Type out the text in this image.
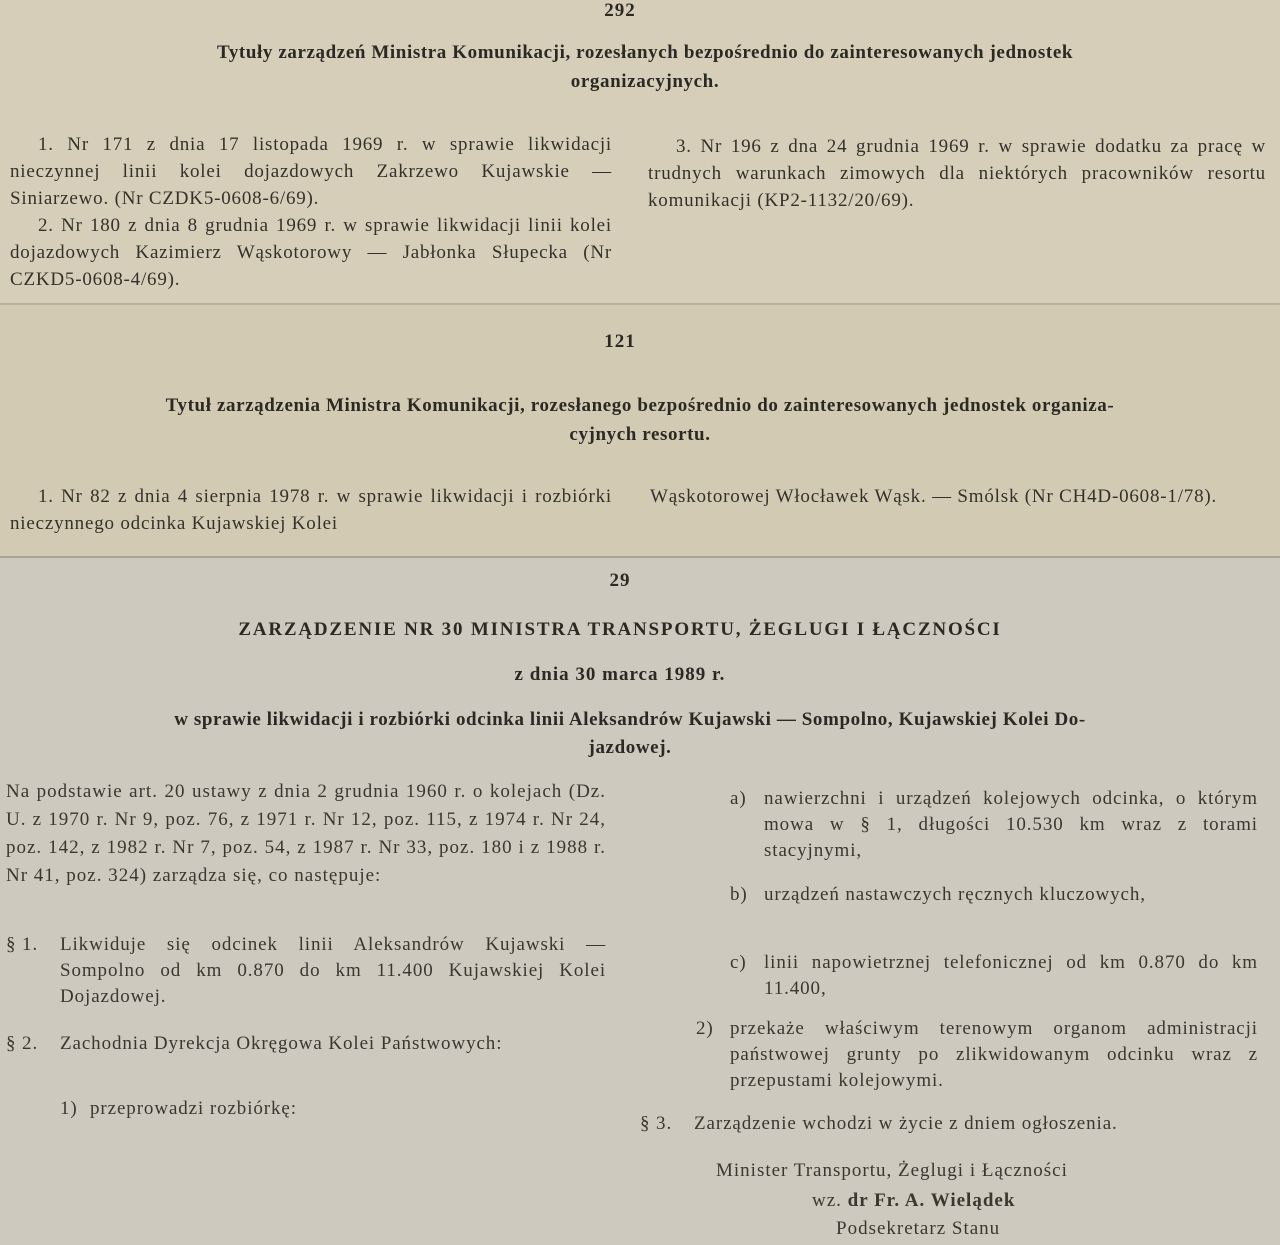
292
Tytuły zarządzeń Ministra Komunikacji, rozesłanych bezpośrednio do zainteresowanych jednostek
organizacyjnych.

1. Nr 171 z dnia 17 listopada 1969 r. w sprawie likwidacji nieczynnej linii kolei dojazdowych Zakrzewo Kujawskie — Siniarzewo. (Nr CZDK5-0608-6/69).

2. Nr 180 z dnia 8 grudnia 1969 r. w sprawie likwidacji linii kolei dojazdowych Kazimierz Wąskotorowy — Jabłonka Słupecka (Nr CZKD5-0608-4/69).

3. Nr 196 z dna 24 grudnia 1969 r. w sprawie dodatku za pracę w trudnych warunkach zimowych dla niektórych pracowników resortu komunikacji (KP2-1132/20/69).

121
Tytuł zarządzenia Ministra Komunikacji, rozesłanego bezpośrednio do zainteresowanych jednostek organiza-
cyjnych resortu.

1. Nr 82 z dnia 4 sierpnia 1978 r. w sprawie likwidacji i rozbiórki nieczynnego odcinka Kujawskiej Kolei

Wąskotorowej Włocławek Wąsk. — Smólsk (Nr CH4D-0608-1/78).

29
ZARZĄDZENIE NR 30 MINISTRA TRANSPORTU, ŻEGLUGI I ŁĄCZNOŚCI
z dnia 30 marca 1989 r.
w sprawie likwidacji i rozbiórki odcinka linii Aleksandrów Kujawski — Sompolno, Kujawskiej Kolei Do-
jazdowej.

Na podstawie art. 20 ustawy z dnia 2 grudnia 1960 r. o kolejach (Dz. U. z 1970 r. Nr 9, poz. 76, z 1971 r. Nr 12, poz. 115, z 1974 r. Nr 24, poz. 142, z 1982 r. Nr 7, poz. 54, z 1987 r. Nr 33, poz. 180 i z 1988 r. Nr 41, poz. 324) zarządza się, co następuje:

§ 1. Likwiduje się odcinek linii Aleksandrów Kujawski — Sompolno od km 0.870 do km 11.400 Kujawskiej Kolei Dojazdowej.
§ 2. Zachodnia Dyrekcja Okręgowa Kolei Państwowych:
1) przeprowadzi rozbiórkę:
a) nawierzchni i urządzeń kolejowych odcinka, o którym mowa w § 1, długości 10.530 km wraz z torami stacyjnymi,
b) urządzeń nastawczych ręcznych kluczowych,
c) linii napowietrznej telefonicznej od km 0.870 do km 11.400,
2) przekaże właściwym terenowym organom administracji państwowej grunty po zlikwidowanym odcinku wraz z przepustami kolejowymi.
§ 3. Zarządzenie wchodzi w życie z dniem ogłoszenia.
Minister Transportu, Żeglugi i Łączności
wz. dr Fr. A. Wielądek
Podsekretarz Stanu
